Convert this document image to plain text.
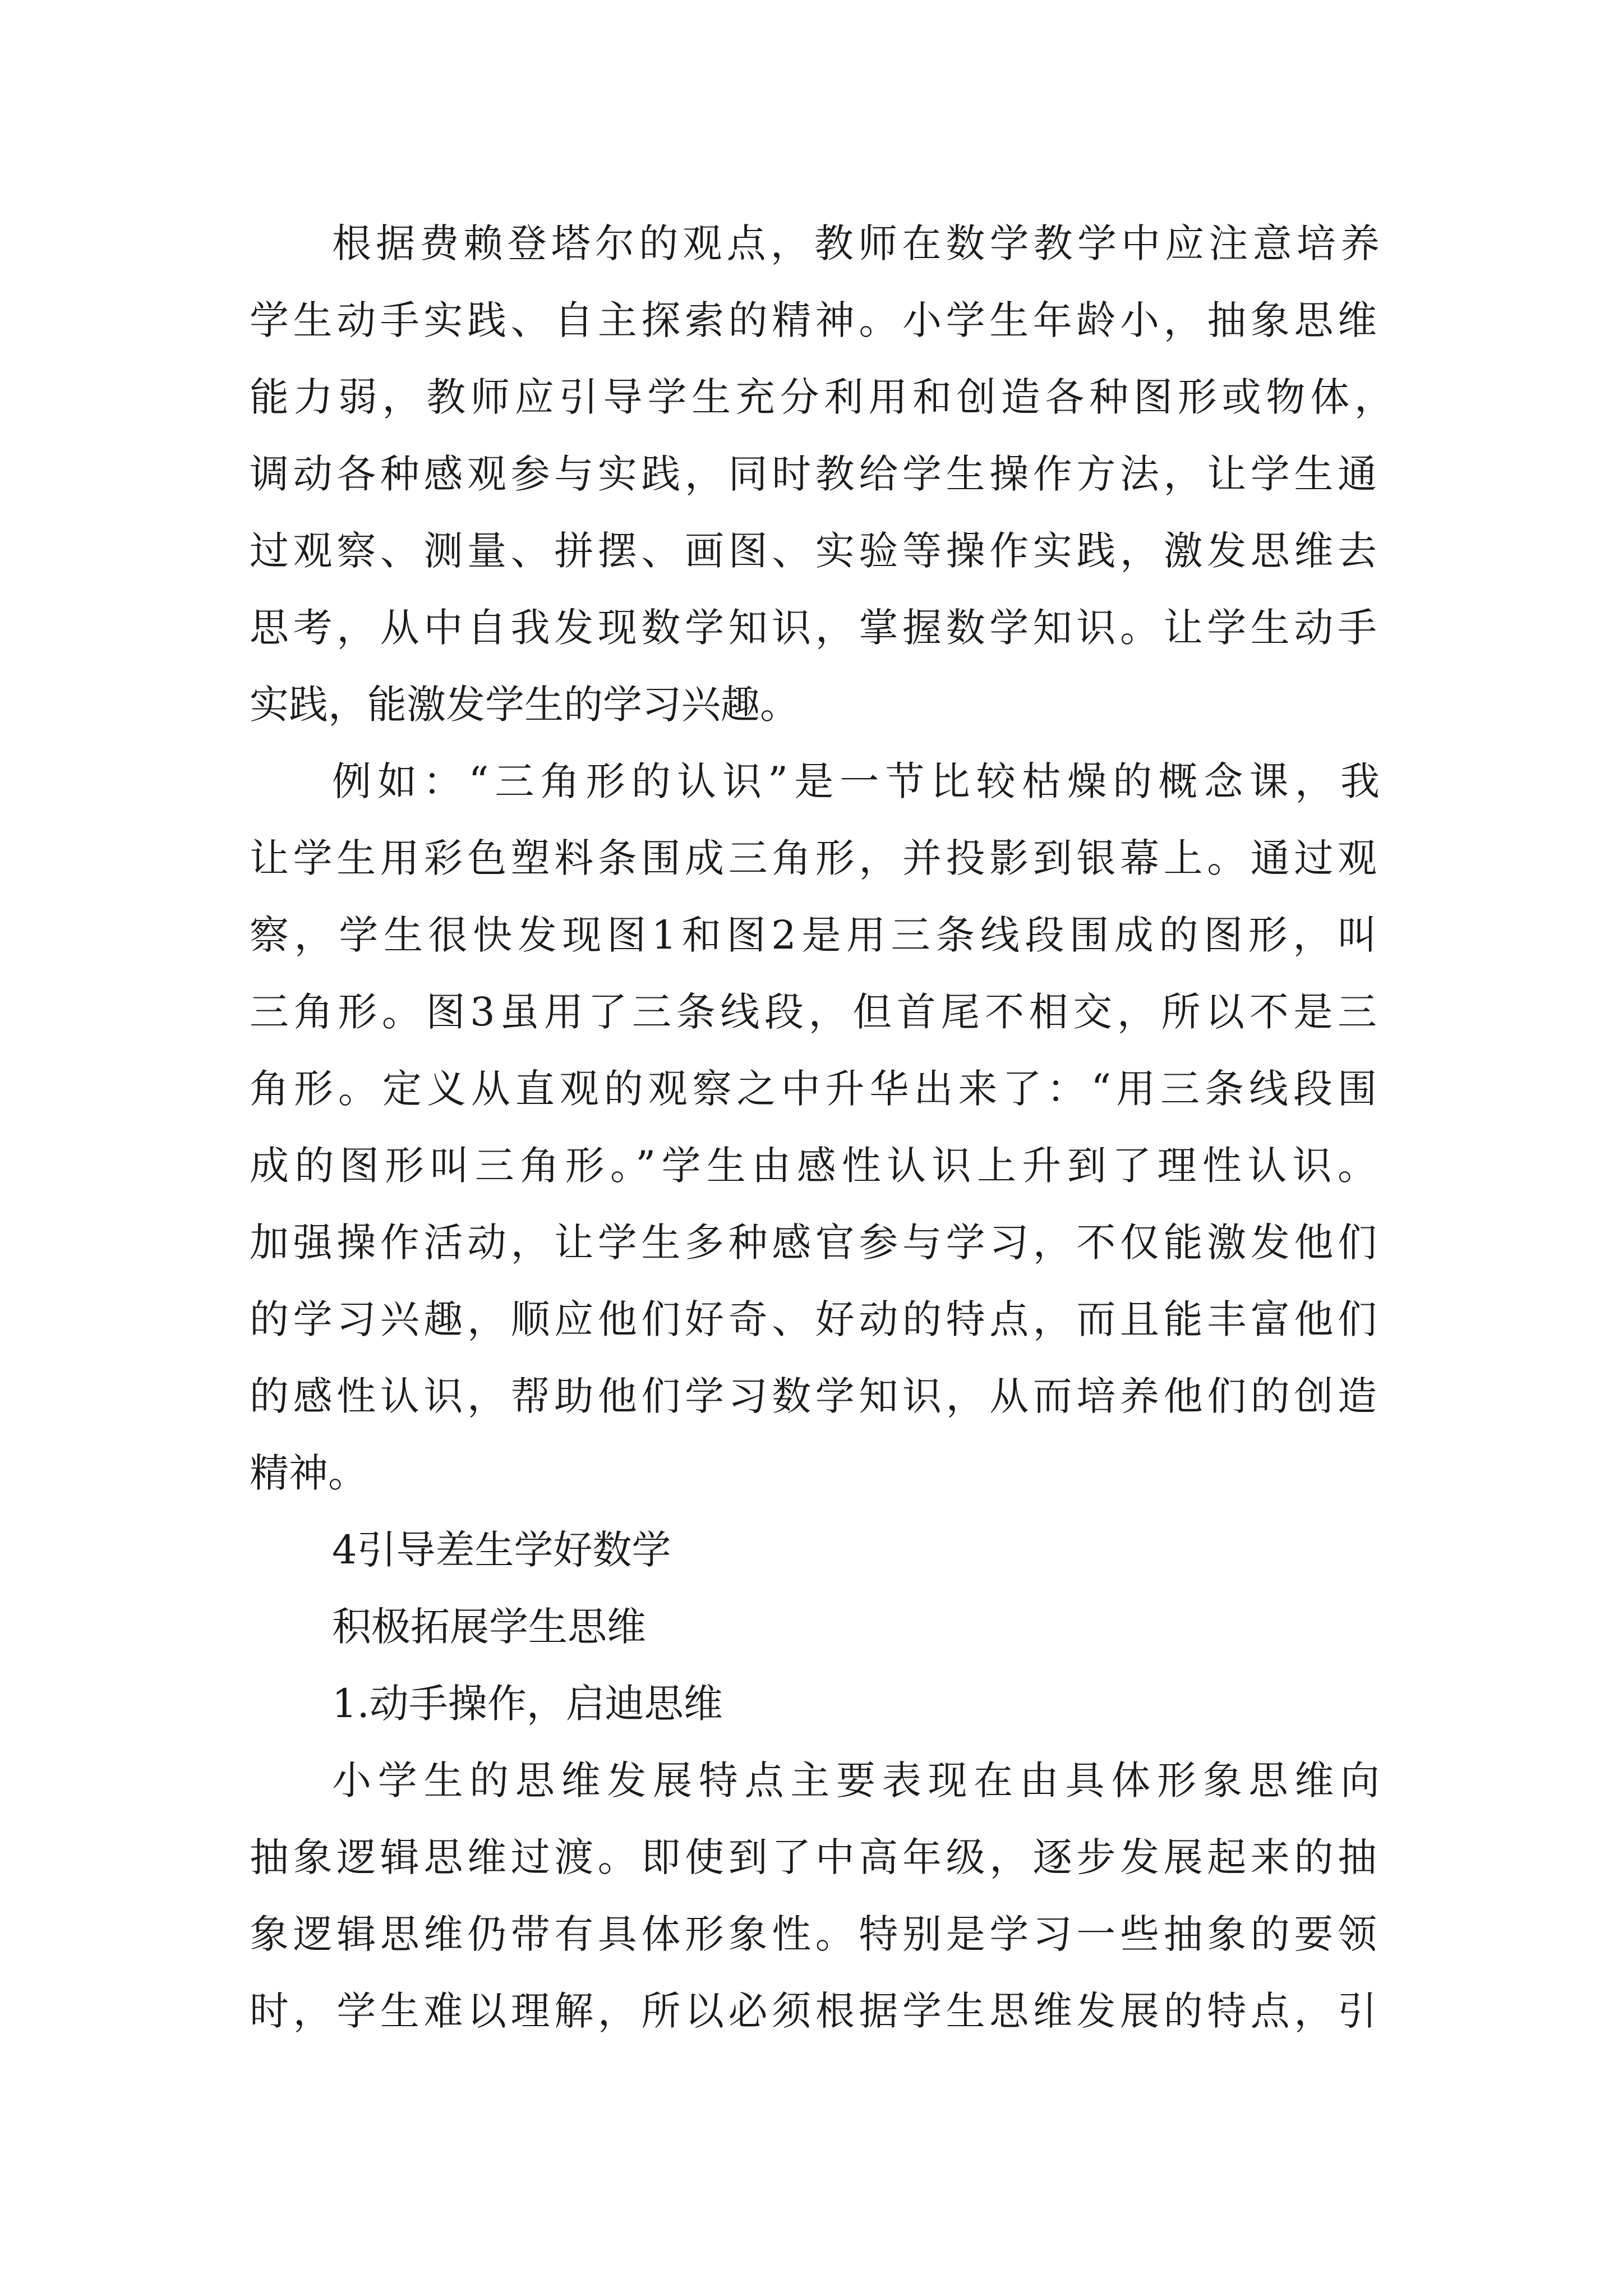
根据费赖登塔尔的观点，教师在数学教学中应注意培养
学生动手实践、自主探索的精神。小学生年龄小，抽象思维
能力弱，教师应引导学生充分利用和创造各种图形或物体，
调动各种感观参与实践，同时教给学生操作方法，让学生通
过观察、测量、拼摆、画图、实验等操作实践，激发思维去
思考，从中自我发现数学知识，掌握数学知识。让学生动手
实践，能激发学生的学习兴趣。
例如：“三角形的认识”是一节比较枯燥的概念课，我
让学生用彩色塑料条围成三角形，并投影到银幕上。通过观
察，学生很快发现图1和图2是用三条线段围成的图形，叫
三角形。图3虽用了三条线段，但首尾不相交，所以不是三
角形。定义从直观的观察之中升华出来了：“用三条线段围
成的图形叫三角形。”学生由感性认识上升到了理性认识。
加强操作活动，让学生多种感官参与学习，不仅能激发他们
的学习兴趣，顺应他们好奇、好动的特点，而且能丰富他们
的感性认识，帮助他们学习数学知识，从而培养他们的创造
精神。
4引导差生学好数学
积极拓展学生思维
1.动手操作，启迪思维
小学生的思维发展特点主要表现在由具体形象思维向
抽象逻辑思维过渡。即使到了中高年级，逐步发展起来的抽
象逻辑思维仍带有具体形象性。特别是学习一些抽象的要领
时，学生难以理解，所以必须根据学生思维发展的特点，引
